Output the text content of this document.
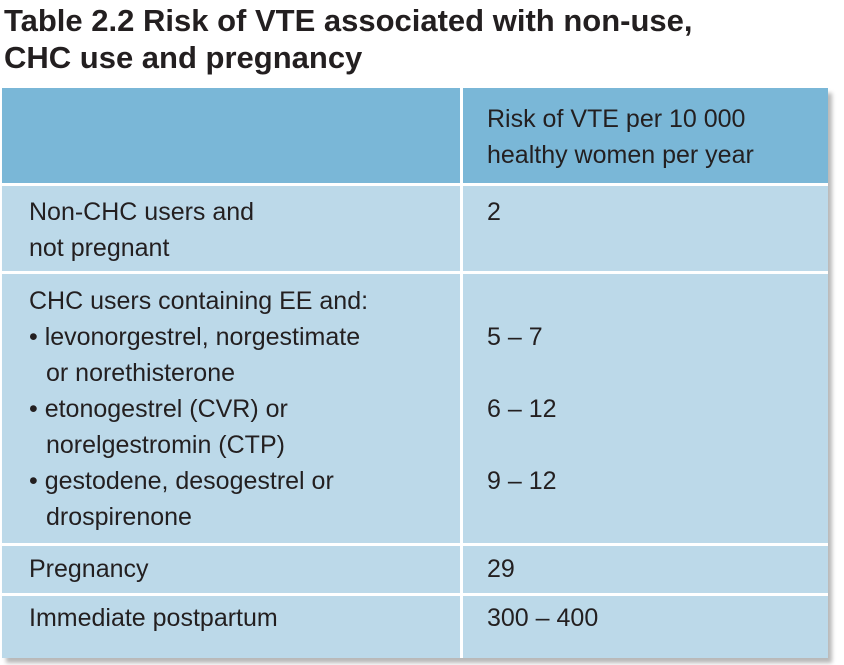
Table 2.2 Risk of VTE associated with non-use,
CHC use and pregnancy
Risk of VTE per 10 000
healthy women per year
Non-CHC users and
not pregnant
2
CHC users containing EE and:
• levonorgestrel, norgestimate
or norethisterone
• etonogestrel (CVR) or
norelgestromin (CTP)
• gestodene, desogestrel or
drospirenone

5 – 7

6 – 12

9 – 12
Pregnancy	29
Immediate postpartum	300 – 400
